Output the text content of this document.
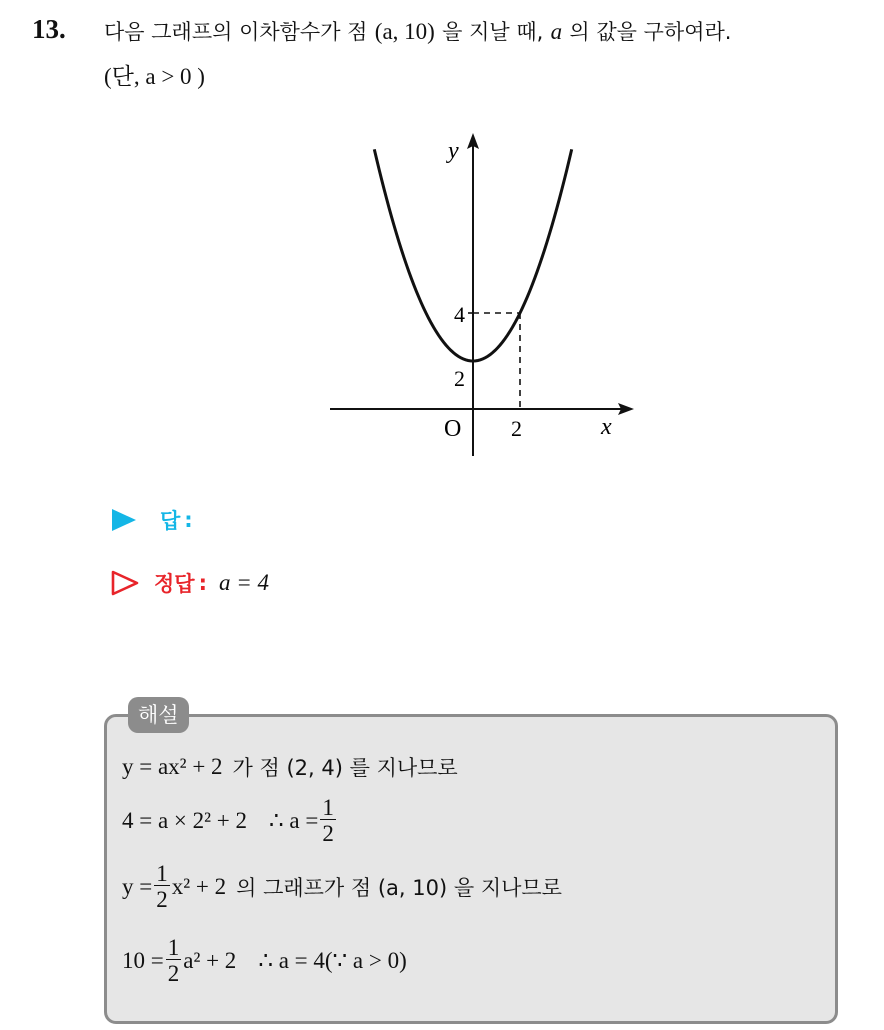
13. 다음 그래프의 이차함수가 점 (a, 10) 을 지날 때, a 의 값을 구하여라.
(단, a > 0 )
y
x
O
4
2
2
답 :
정답 : a = 4
해설
y = ax² + 2 가 점 (2, 4) 를 지나므로
4 = a × 2² + 2 ∴ $a = \frac{1}{2}$
$y = \frac{1}{2} x^2 + 2$ 의 그래프가 점 (a, 10) 을 지나므로
$10 = \frac{1}{2} a^2 + 2$ ∴ a = 4(∵ a > 0)
